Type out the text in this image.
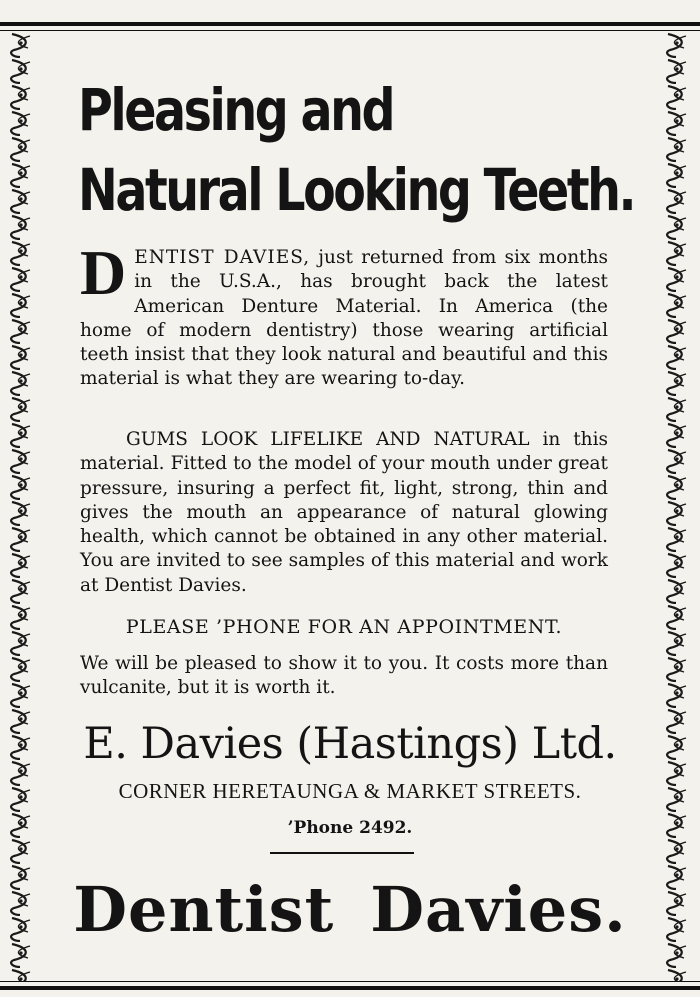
Pleasing and
Natural Looking Teeth.

DENTIST DAVIES, just returned from six months in the U.S.A., has brought back the latest American Denture Material. In America (the home of modern dentistry) those wearing artificial teeth insist that they look natural and beautiful and this material is what they are wearing to-day.

GUMS LOOK LIFELIKE AND NATURAL in this material. Fitted to the model of your mouth under great pressure, insuring a perfect fit, light, strong, thin and gives the mouth an appearance of natural glowing health, which cannot be obtained in any other material. You are invited to see samples of this material and work at Dentist Davies.

PLEASE ’PHONE FOR AN APPOINTMENT.

We will be pleased to show it to you. It costs more than vulcanite, but it is worth it.

E. Davies (Hastings) Ltd.

CORNER HERETAUNGA & MARKET STREETS.

’Phone 2492.

Dentist Davies.
